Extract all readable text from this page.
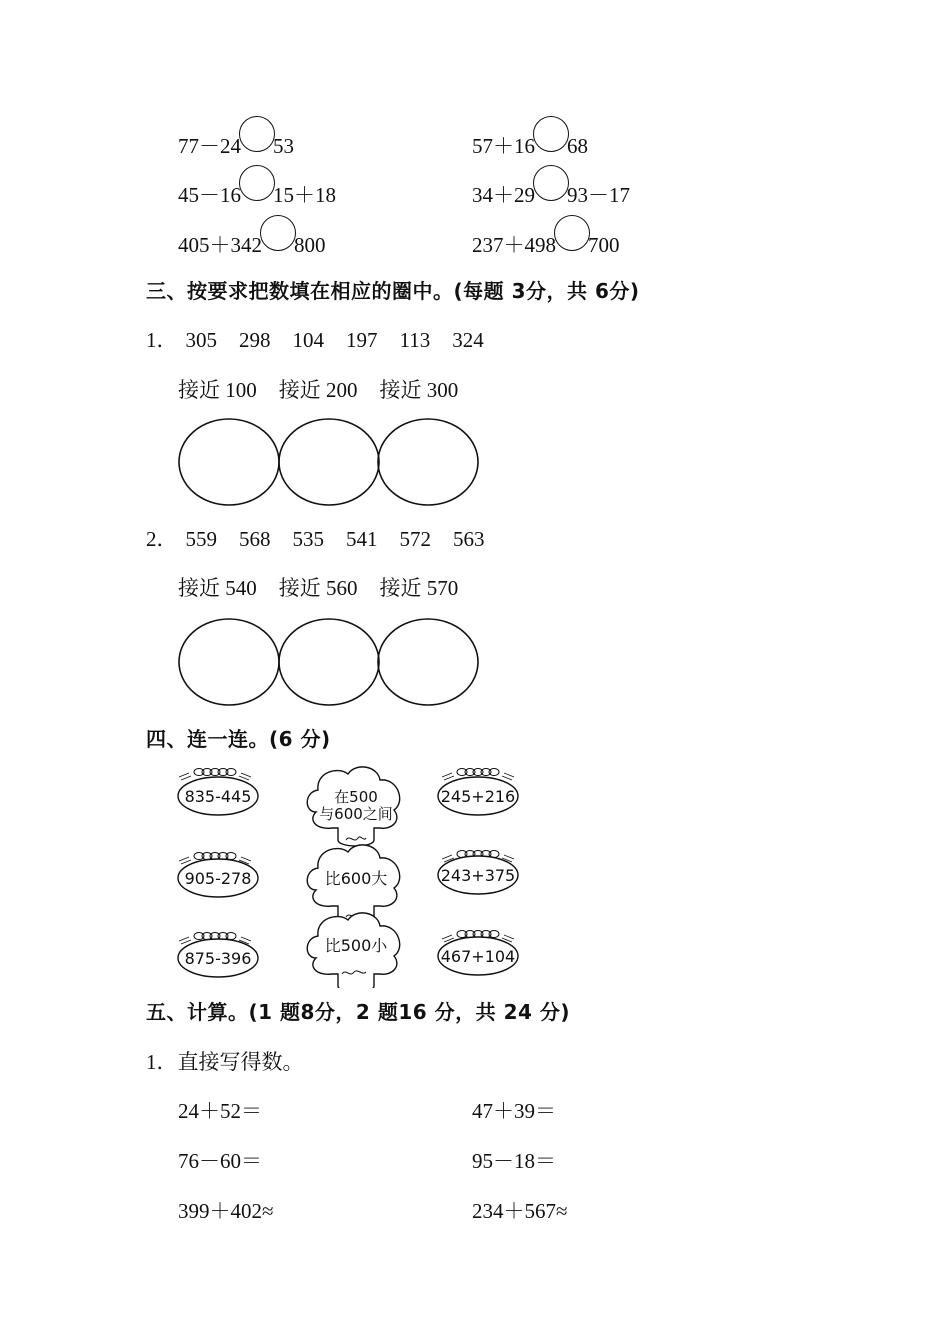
77－24 53	57＋16 68
45－16 15＋18	34＋29 93－17
405＋342 800	237＋498 700
三、按要求把数填在相应的圈中。(每题 3分，共 6分)
1． 305 298 104 197 113 324
接近 100 接近 200 接近 300
2． 559 568 535 541 572 563
接近 540 接近 560 接近 570
四、连一连。(6 分)
835-445
905-278
875-396
在500
与600之间
比600大
比500小
245+216
243+375
467+104
五、计算。(1 题8分，2 题16 分，共 24 分)
1．直接写得数。
24＋52＝	47＋39＝
76－60＝	95－18＝
399＋402≈	234＋567≈
